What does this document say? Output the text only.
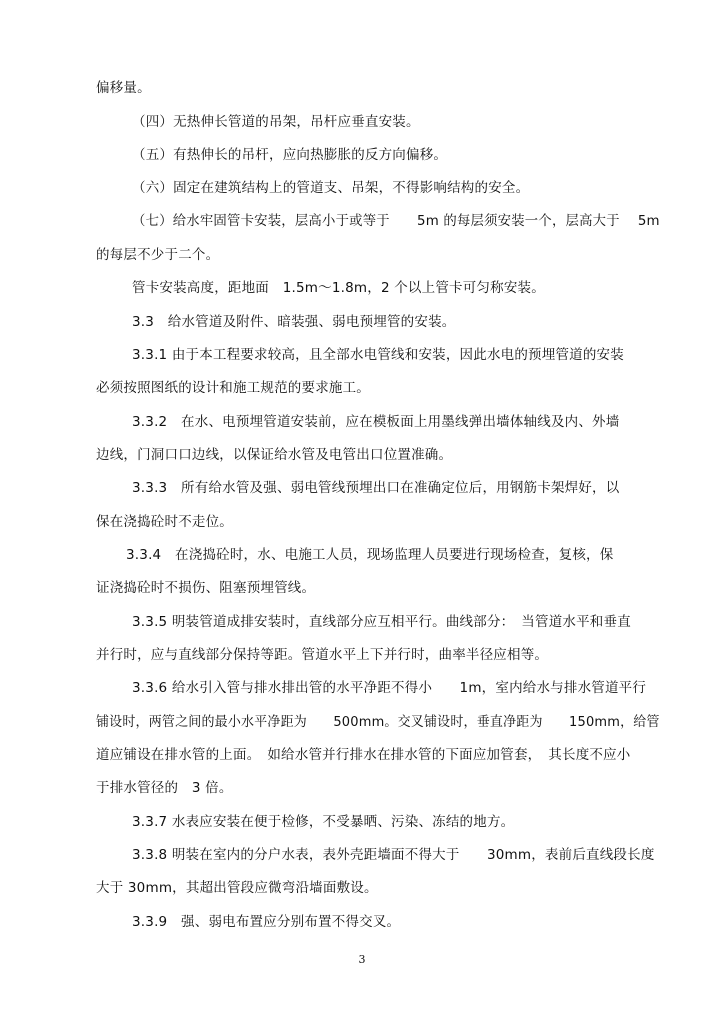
偏移量。
（四）无热伸长管道的吊架，吊杆应垂直安装。
（五）有热伸长的吊杆，应向热膨胀的反方向偏移。
（六）固定在建筑结构上的管道支、吊架，不得影响结构的安全。
（七）给水牢固管卡安装，层高小于或等于　　5m 的每层须安装一个，层高大于　 5m
的每层不少于二个。
管卡安装高度，距地面　1.5m～1.8m，2 个以上管卡可匀称安装。
3.3　给水管道及附件、暗装强、弱电预埋管的安装。
3.3.1 由于本工程要求较高，且全部水电管线和安装，因此水电的预埋管道的安装
必须按照图纸的设计和施工规范的要求施工。
3.3.2　在水、电预埋管道安装前，应在模板面上用墨线弹出墙体轴线及内、外墙
边线，门洞口口边线，以保证给水管及电管出口位置准确。
3.3.3　所有给水管及强、弱电管线预埋出口在准确定位后，用钢筋卡架焊好，以
保在浇捣砼时不走位。
3.3.4　在浇捣砼时，水、电施工人员，现场监理人员要进行现场检查，复核，保
证浇捣砼时不损伤、阻塞预埋管线。
3.3.5 明装管道成排安装时，直线部分应互相平行。曲线部分：　当管道水平和垂直
并行时，应与直线部分保持等距。管道水平上下并行时，曲率半径应相等。
3.3.6 给水引入管与排水排出管的水平净距不得小　　1m，室内给水与排水管道平行
铺设时，两管之间的最小水平净距为　　500mm。交叉铺设时，垂直净距为　　150mm，给管
道应铺设在排水管的上面。　如给水管并行排水在排水管的下面应加管套，　其长度不应小
于排水管径的　3 倍。
3.3.7 水表应安装在便于检修，不受暴晒、污染、冻结的地方。
3.3.8 明装在室内的分户水表，表外壳距墙面不得大于　　30mm，表前后直线段长度
大于 30mm，其超出管段应微弯沿墙面敷设。
3.3.9　强、弱电布置应分别布置不得交叉。
3
